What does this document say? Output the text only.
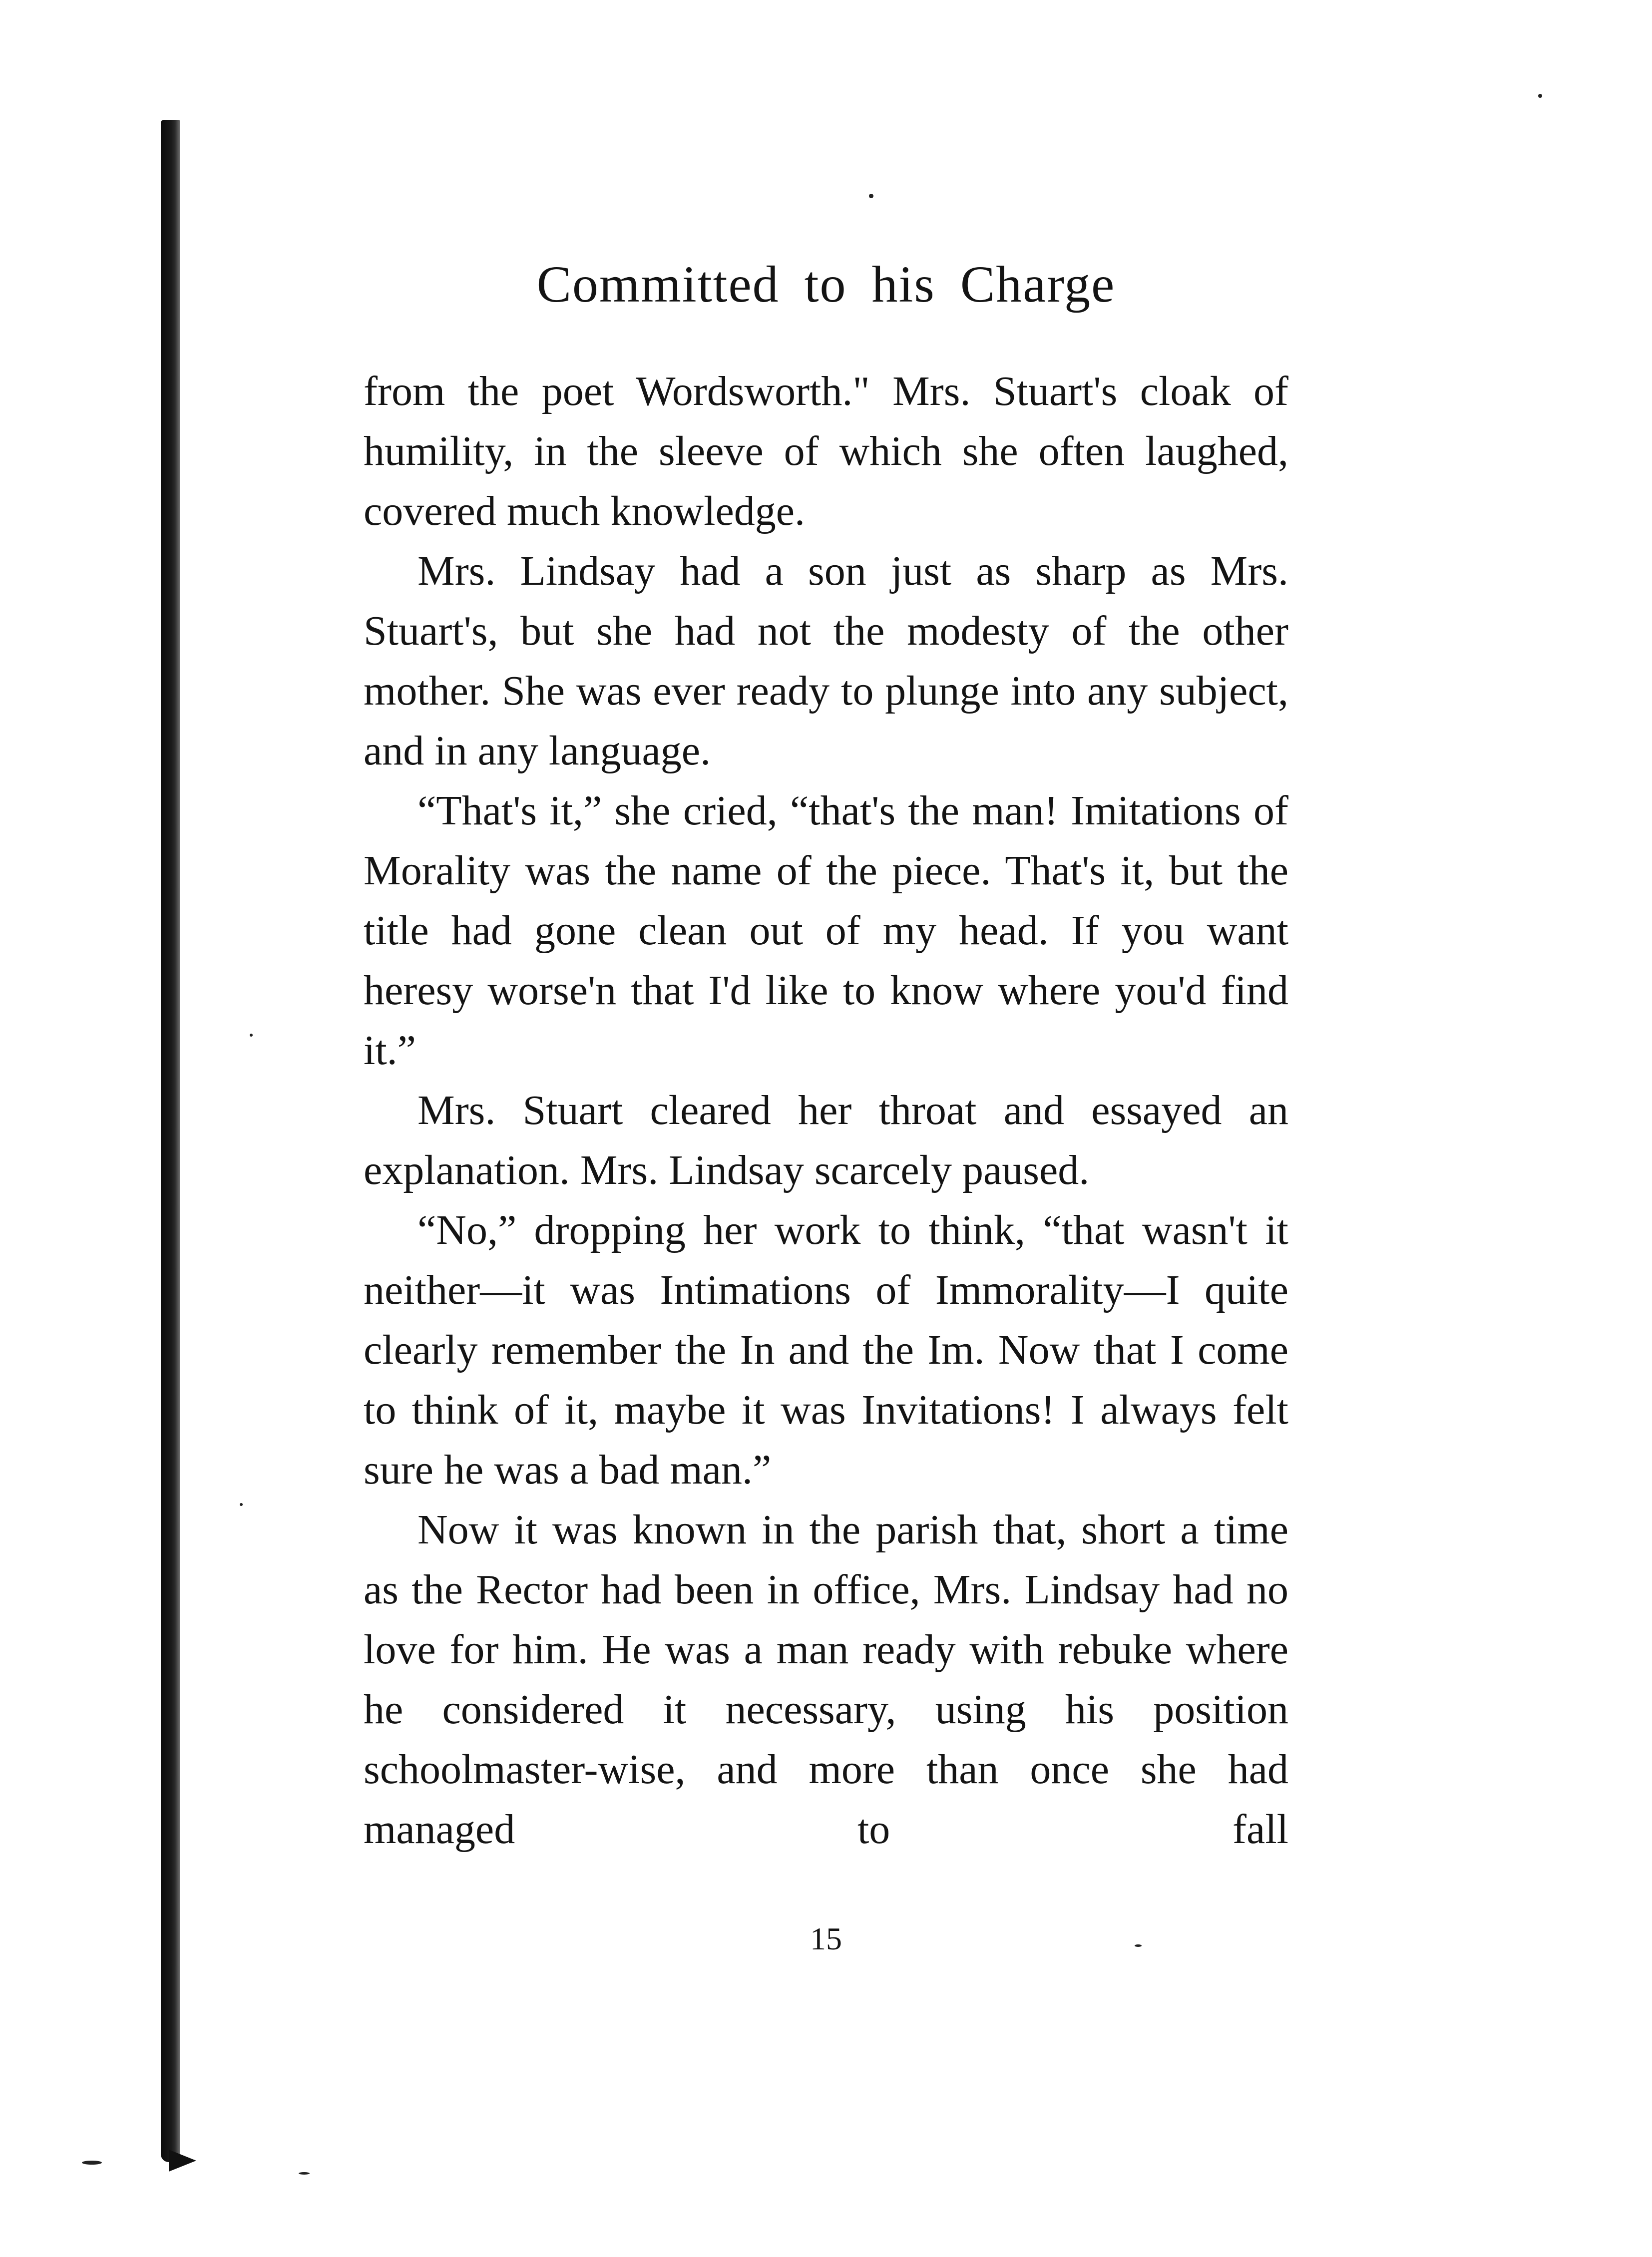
Committed to his Charge

from the poet Wordsworth." Mrs. Stuart's cloak of humility, in the sleeve of which she often laughed, covered much knowledge.

Mrs. Lindsay had a son just as sharp as Mrs. Stuart's, but she had not the modesty of the other mother. She was ever ready to plunge into any subject, and in any language.

“That's it,” she cried, “that's the man! Imitations of Morality was the name of the piece. That's it, but the title had gone clean out of my head. If you want heresy worse'n that I'd like to know where you'd find it.”

Mrs. Stuart cleared her throat and essayed an explanation. Mrs. Lindsay scarcely paused.

“No,” dropping her work to think, “that wasn't it neither—it was Intimations of Immorality—I quite clearly remember the In and the Im. Now that I come to think of it, maybe it was Invitations! I always felt sure he was a bad man.”

Now it was known in the parish that, short a time as the Rector had been in office, Mrs. Lindsay had no love for him. He was a man ready with rebuke where he considered it necessary, using his position schoolmaster-wise, and more than once she had managed to fall

15
